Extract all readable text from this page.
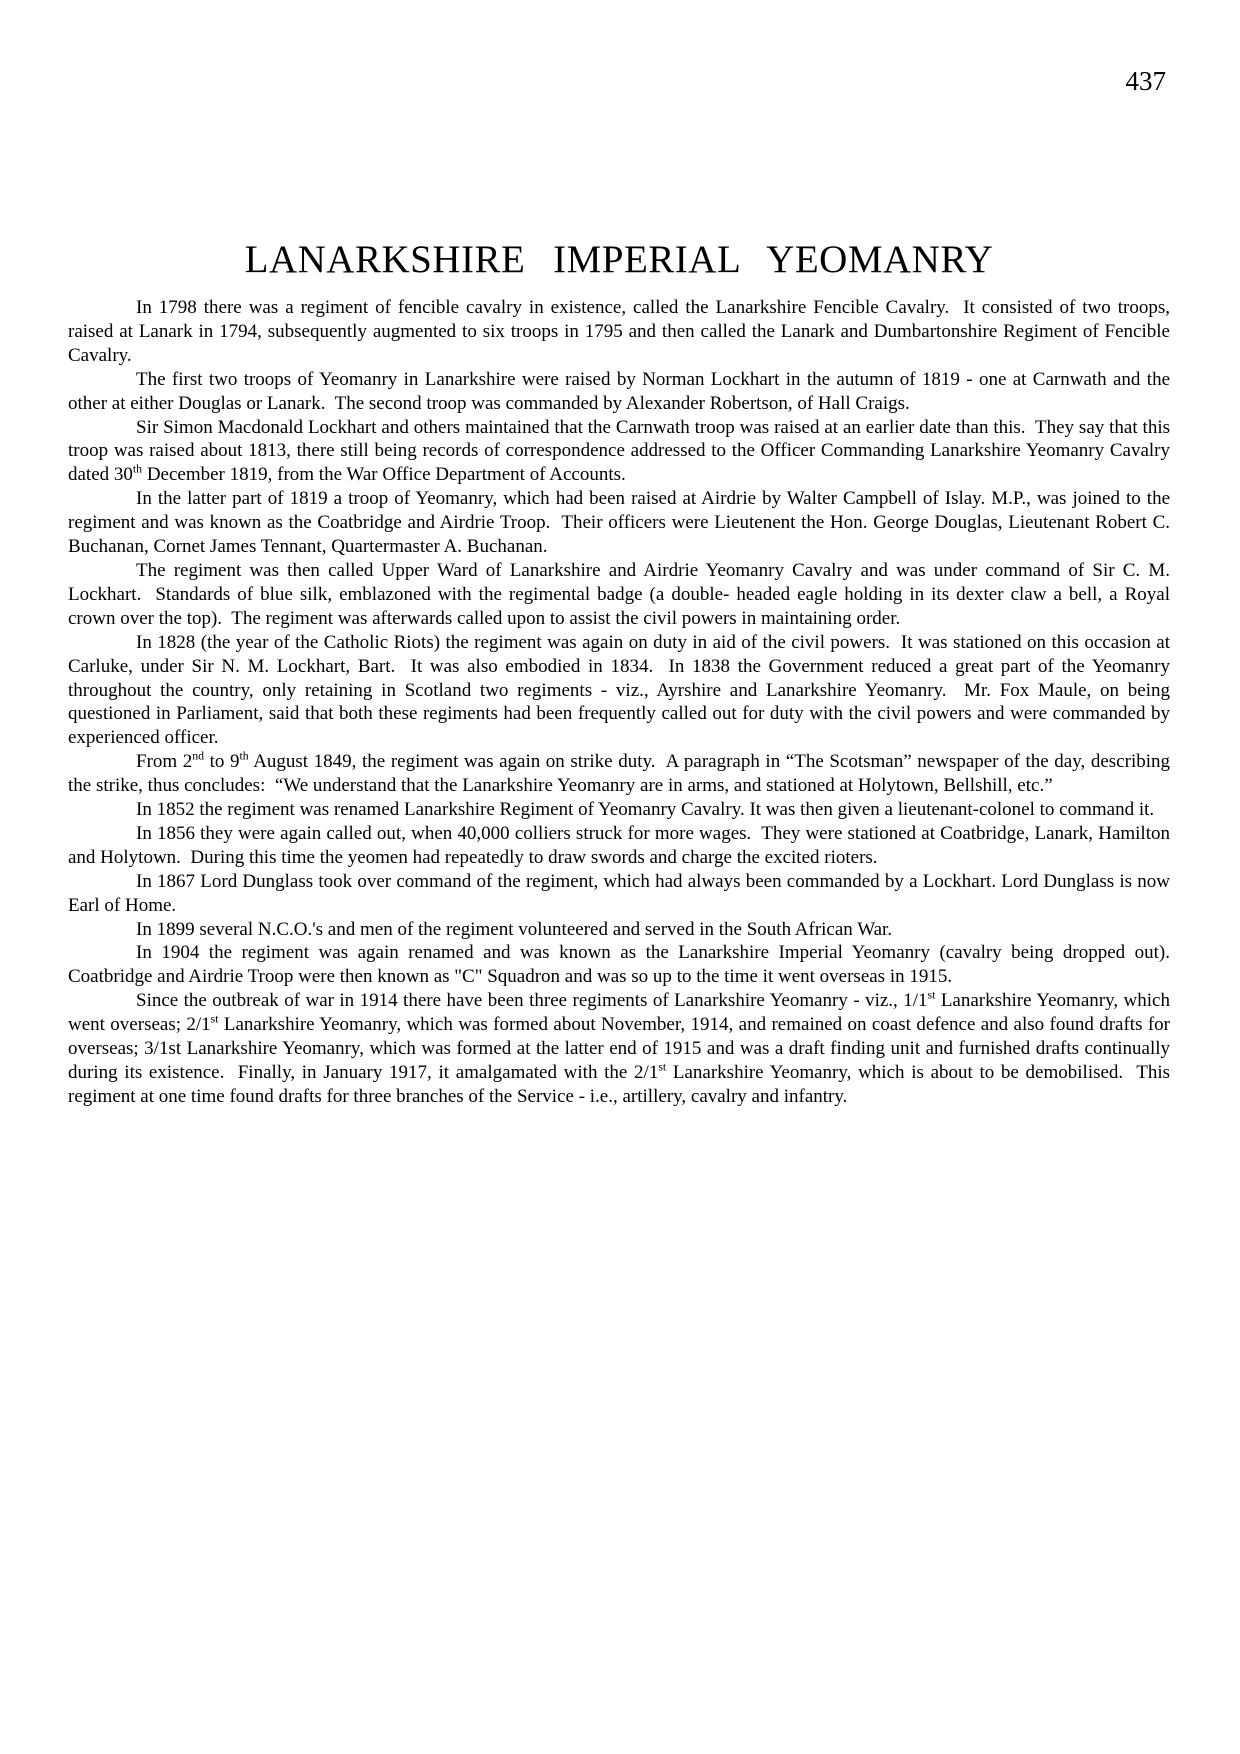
437
LANARKSHIRE IMPERIAL YEOMANRY

In 1798 there was a regiment of fencible cavalry in existence, called the Lanarkshire Fencible Cavalry.  It consisted of two troops, raised at Lanark in 1794, subsequently augmented to six troops in 1795 and then called the Lanark and Dumbartonshire Regiment of Fencible Cavalry.

The first two troops of Yeomanry in Lanarkshire were raised by Norman Lockhart in the autumn of 1819 - one at Carnwath and the other at either Douglas or Lanark.  The second troop was commanded by Alexander Robertson, of Hall Craigs.

Sir Simon Macdonald Lockhart and others maintained that the Carnwath troop was raised at an earlier date than this.  They say that this troop was raised about 1813, there still being records of correspondence addressed to the Officer Commanding Lanarkshire Yeomanry Cavalry dated 30th December 1819, from the War Office Department of Accounts.

In the latter part of 1819 a troop of Yeomanry, which had been raised at Airdrie by Walter Campbell of Islay. M.P., was joined to the regiment and was known as the Coatbridge and Airdrie Troop.  Their officers were Lieutenent the Hon. George Douglas, Lieutenant Robert C. Buchanan, Cornet James Tennant, Quartermaster A. Buchanan.

The regiment was then called Upper Ward of Lanarkshire and Airdrie Yeomanry Cavalry and was under command of Sir C. M. Lockhart.  Standards of blue silk, emblazoned with the regimental badge (a double- headed eagle holding in its dexter claw a bell, a Royal crown over the top).  The regiment was afterwards called upon to assist the civil powers in maintaining order.

In 1828 (the year of the Catholic Riots) the regiment was again on duty in aid of the civil powers.  It was stationed on this occasion at Carluke, under Sir N. M. Lockhart, Bart.  It was also embodied in 1834.  In 1838 the Government reduced a great part of the Yeomanry throughout the country, only retaining in Scotland two regiments - viz., Ayrshire and Lanarkshire Yeomanry.  Mr. Fox Maule, on being questioned in Parliament, said that both these regiments had been frequently called out for duty with the civil powers and were commanded by experienced officer.

From 2nd to 9th August 1849, the regiment was again on strike duty.  A paragraph in “The Scotsman” newspaper of the day, describing the strike, thus concludes:  “We understand that the Lanarkshire Yeomanry are in arms, and stationed at Holytown, Bellshill, etc.”

In 1852 the regiment was renamed Lanarkshire Regiment of Yeomanry Cavalry. It was then given a lieutenant-colonel to command it.

In 1856 they were again called out, when 40,000 colliers struck for more wages.  They were stationed at Coatbridge, Lanark, Hamilton and Holytown.  During this time the yeomen had repeatedly to draw swords and charge the excited rioters.

In 1867 Lord Dunglass took over command of the regiment, which had always been commanded by a Lockhart. Lord Dunglass is now Earl of Home.

In 1899 several N.C.O.'s and men of the regiment volunteered and served in the South African War.

In 1904 the regiment was again renamed and was known as the Lanarkshire Imperial Yeomanry (cavalry being dropped out).  Coatbridge and Airdrie Troop were then known as "C" Squadron and was so up to the time it went overseas in 1915.

Since the outbreak of war in 1914 there have been three regiments of Lanarkshire Yeomanry - viz., 1/1st Lanarkshire Yeomanry, which went overseas; 2/1st Lanarkshire Yeomanry, which was formed about November, 1914, and remained on coast defence and also found drafts for overseas; 3/1st Lanarkshire Yeomanry, which was formed at the latter end of 1915 and was a draft finding unit and furnished drafts continually during its existence.  Finally, in January 1917, it amalgamated with the 2/1st Lanarkshire Yeomanry, which is about to be demobilised.  This regiment at one time found drafts for three branches of the Service - i.e., artillery, cavalry and infantry.
